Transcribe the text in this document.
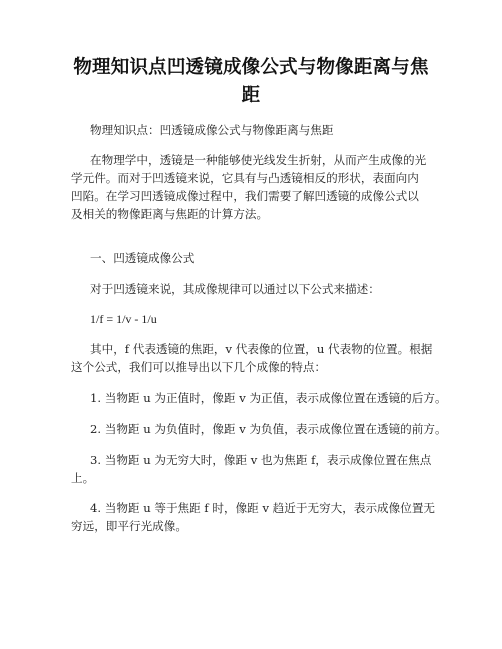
物理知识点凹透镜成像公式与物像距离与焦
距
物理知识点：凹透镜成像公式与物像距离与焦距
在物理学中，透镜是一种能够使光线发生折射，从而产生成像的光
学元件。而对于凹透镜来说，它具有与凸透镜相反的形状，表面向内
凹陷。在学习凹透镜成像过程中，我们需要了解凹透镜的成像公式以
及相关的物像距离与焦距的计算方法。
一、凹透镜成像公式
对于凹透镜来说，其成像规律可以通过以下公式来描述：
1/f = 1/v - 1/u
其中，f 代表透镜的焦距，v 代表像的位置，u 代表物的位置。根据
这个公式，我们可以推导出以下几个成像的特点：
1. 当物距 u 为正值时，像距 v 为正值，表示成像位置在透镜的后方。
2. 当物距 u 为负值时，像距 v 为负值，表示成像位置在透镜的前方。
3. 当物距 u 为无穷大时，像距 v 也为焦距 f，表示成像位置在焦点
上。
4. 当物距 u 等于焦距 f 时，像距 v 趋近于无穷大，表示成像位置无
穷远，即平行光成像。
